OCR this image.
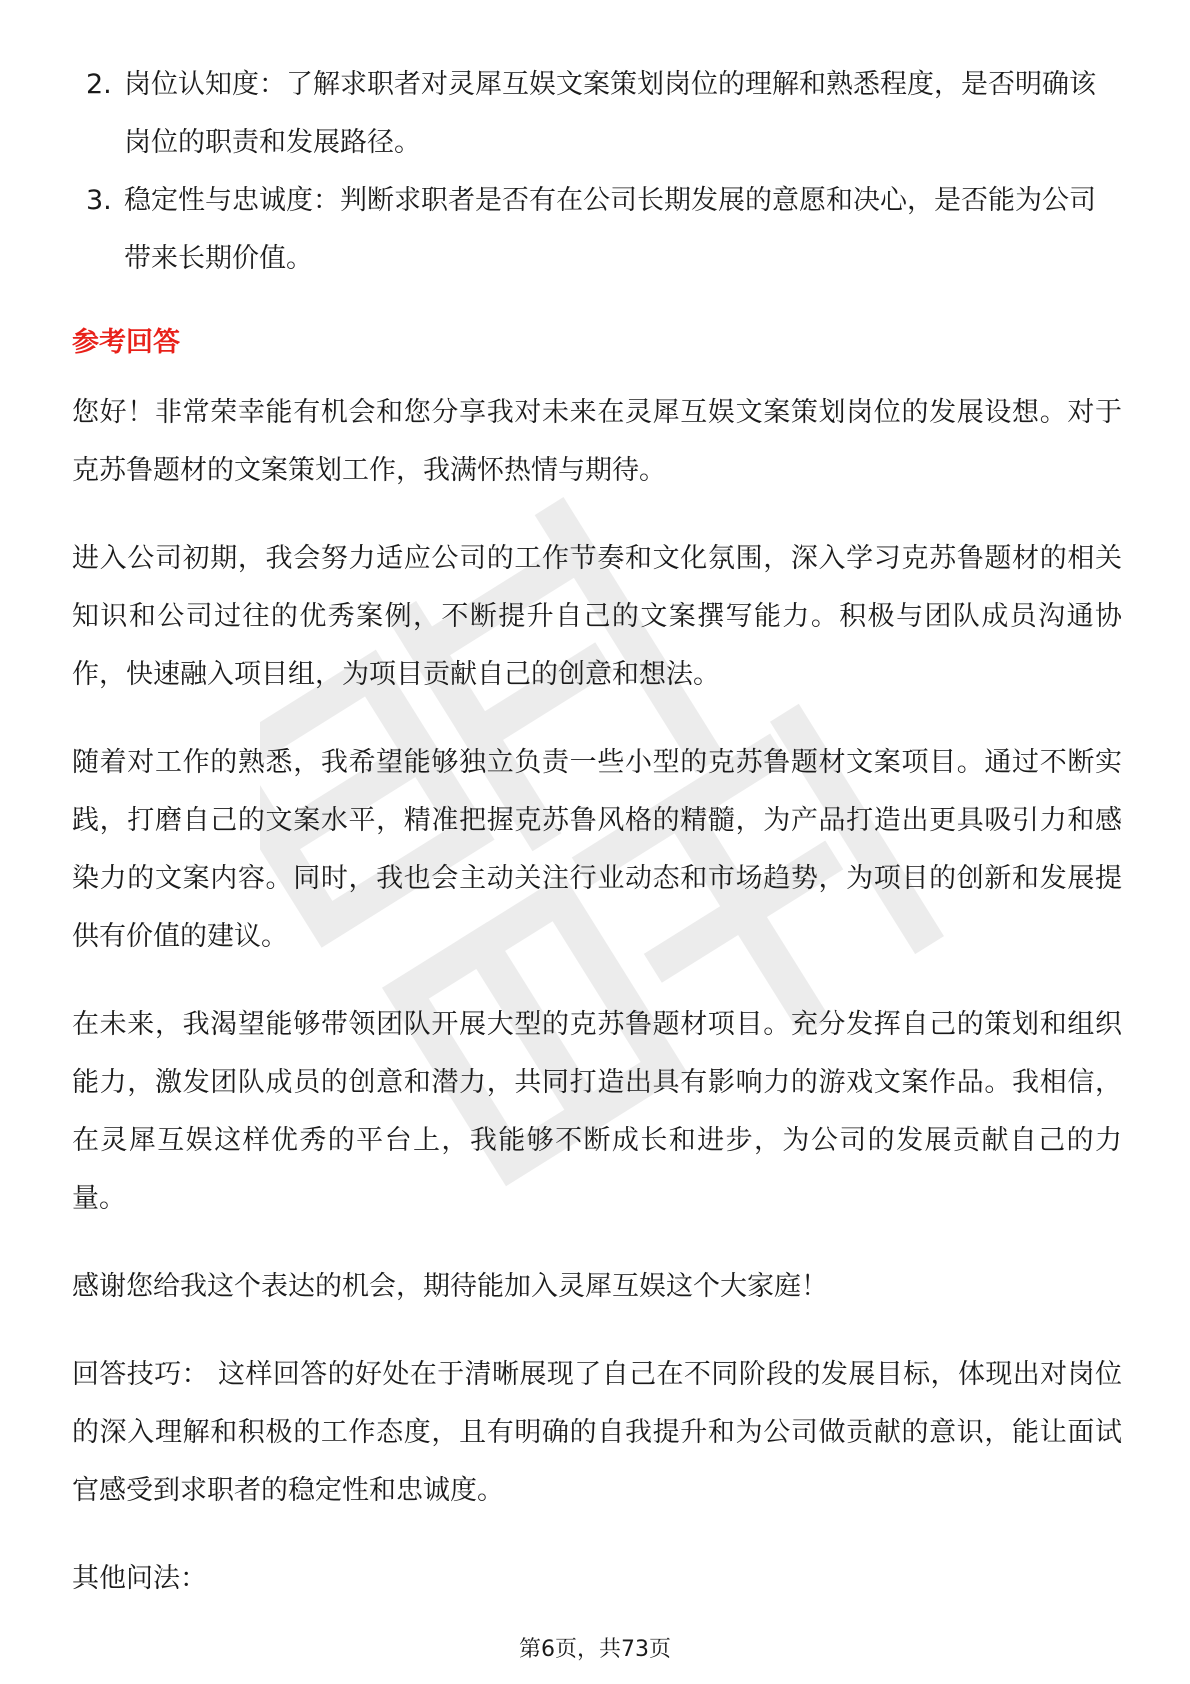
2. 岗位认知度：了解求职者对灵犀互娱文案策划岗位的理解和熟悉程度，是否明确该岗位的职责和发展路径。
3. 稳定性与忠诚度：判断求职者是否有在公司长期发展的意愿和决心，是否能为公司带来长期价值。
参考回答

您好！非常荣幸能有机会和您分享我对未来在灵犀互娱文案策划岗位的发展设想。对于克苏鲁题材的文案策划工作，我满怀热情与期待。

进入公司初期，我会努力适应公司的工作节奏和文化氛围，深入学习克苏鲁题材的相关知识和公司过往的优秀案例，不断提升自己的文案撰写能力。积极与团队成员沟通协作，快速融入项目组，为项目贡献自己的创意和想法。

随着对工作的熟悉，我希望能够独立负责一些小型的克苏鲁题材文案项目。通过不断实践，打磨自己的文案水平，精准把握克苏鲁风格的精髓，为产品打造出更具吸引力和感染力的文案内容。同时，我也会主动关注行业动态和市场趋势，为项目的创新和发展提供有价值的建议。

在未来，我渴望能够带领团队开展大型的克苏鲁题材项目。充分发挥自己的策划和组织能力，激发团队成员的创意和潜力，共同打造出具有影响力的游戏文案作品。我相信，在灵犀互娱这样优秀的平台上，我能够不断成长和进步，为公司的发展贡献自己的力量。

感谢您给我这个表达的机会，期待能加入灵犀互娱这个大家庭！

回答技巧： 这样回答的好处在于清晰展现了自己在不同阶段的发展目标，体现出对岗位的深入理解和积极的工作态度，且有明确的自我提升和为公司做贡献的意识，能让面试官感受到求职者的稳定性和忠诚度。

其他问法：

第6页，共73页
